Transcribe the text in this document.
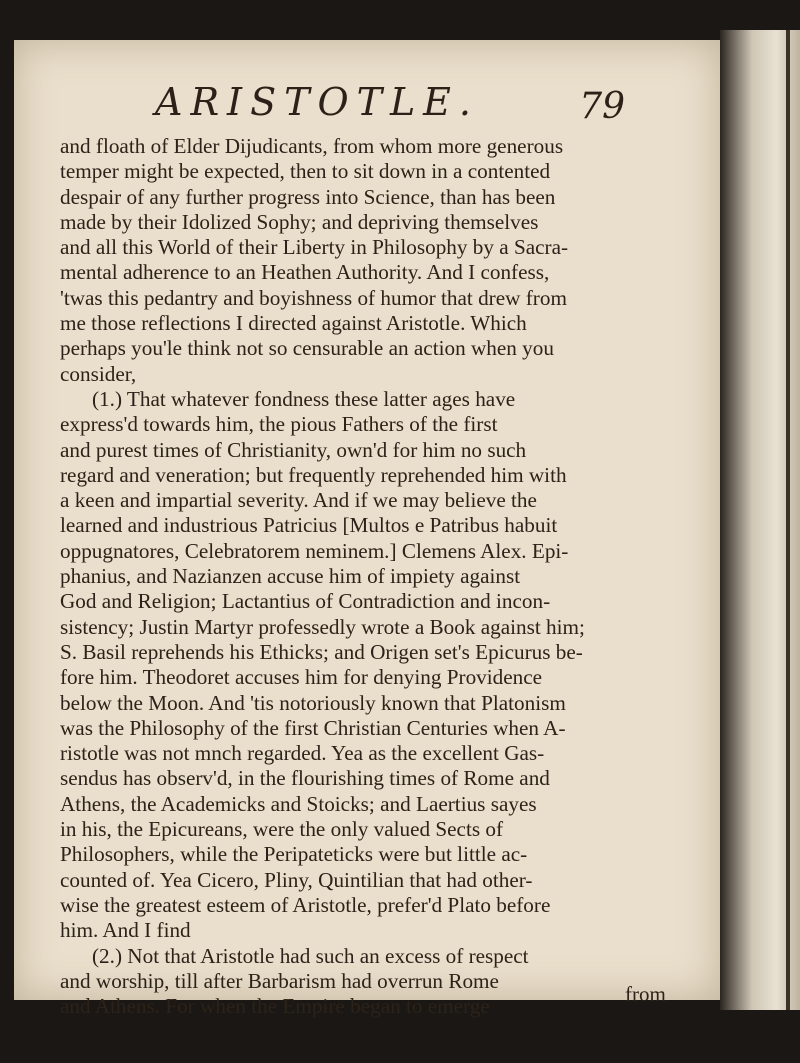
ARISTOTLE.	79
and floath of Elder Dijudicants, from whom more generous
temper might be expected, then to sit down in a contented
despair of any further progress into Science, than has been
made by their Idolized Sophy; and depriving themselves
and all this World of their Liberty in Philosophy by a Sacra-
mental adherence to an Heathen Authority. And I confess,
'twas this pedantry and boyishness of humor that drew from
me those reflections I directed against Aristotle. Which
perhaps you'le think not so censurable an action when you
consider,
(1.) That whatever fondness these latter ages have
express'd towards him, the pious Fathers of the first
and purest times of Christianity, own'd for him no such
regard and veneration; but frequently reprehended him with
a keen and impartial severity. And if we may believe the
learned and industrious Patricius [Multos e Patribus habuit
oppugnatores, Celebratorem neminem.] Clemens Alex. Epi-
phanius, and Nazianzen accuse him of impiety against
God and Religion; Lactantius of Contradiction and incon-
sistency; Justin Martyr professedly wrote a Book against him;
S. Basil reprehends his Ethicks; and Origen set's Epicurus be-
fore him. Theodoret accuses him for denying Providence
below the Moon. And 'tis notoriously known that Platonism
was the Philosophy of the first Christian Centuries when A-
ristotle was not mnch regarded. Yea as the excellent Gas-
sendus has observ'd, in the flourishing times of Rome and
Athens, the Academicks and Stoicks; and Laertius sayes
in his, the Epicureans, were the only valued Sects of
Philosophers, while the Peripateticks were but little ac-
counted of. Yea Cicero, Pliny, Quintilian that had other-
wise the greatest esteem of Aristotle, prefer'd Plato before
him. And I find
(2.) Not that Aristotle had such an excess of respect
and worship, till after Barbarism had overrun Rome
and Athens. For when the Empire began to emerge
from
